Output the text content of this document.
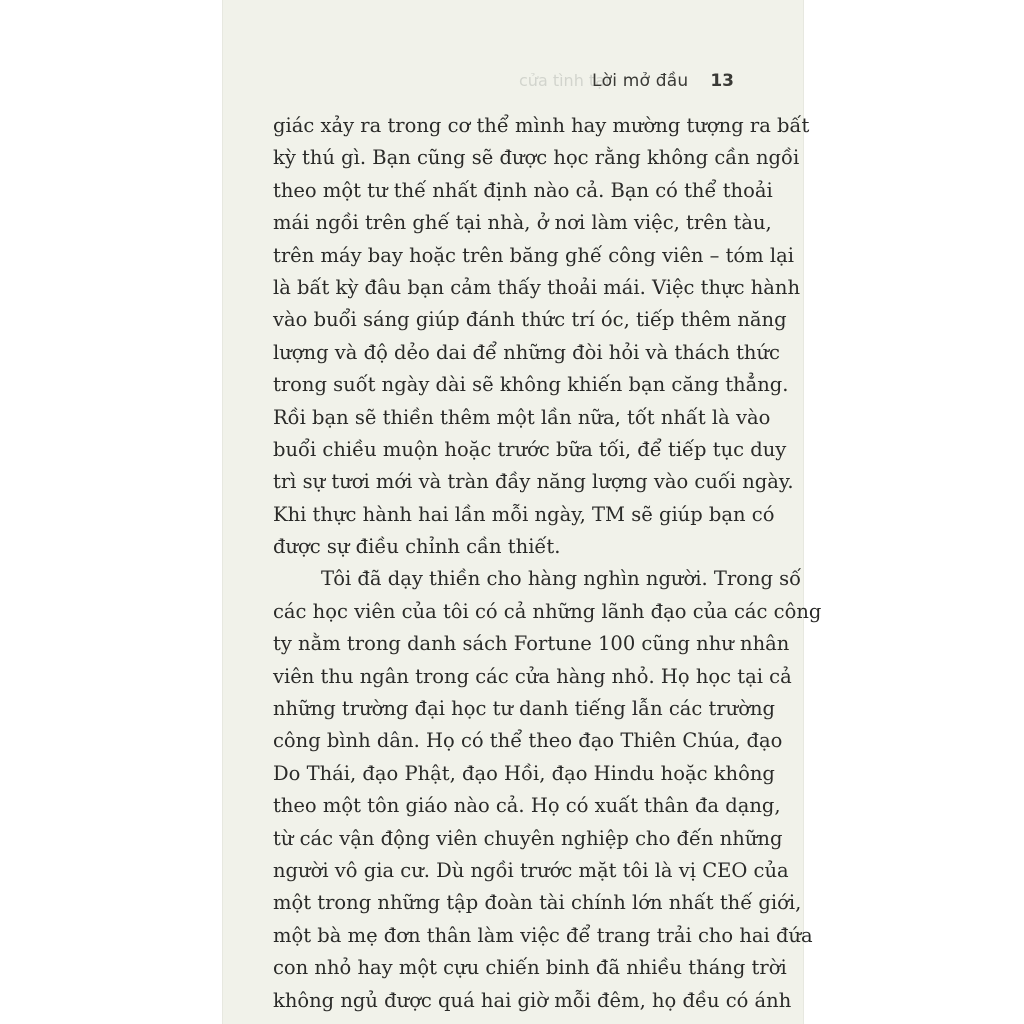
cửa tình tại
Lời mở đầu 13
giác xảy ra trong cơ thể mình hay mường tượng ra bất
kỳ thú gì. Bạn cũng sẽ được học rằng không cần ngồi
theo một tư thế nhất định nào cả. Bạn có thể thoải
mái ngồi trên ghế tại nhà, ở nơi làm việc, trên tàu,
trên máy bay hoặc trên băng ghế công viên – tóm lại
là bất kỳ đâu bạn cảm thấy thoải mái. Việc thực hành
vào buổi sáng giúp đánh thức trí óc, tiếp thêm năng
lượng và độ dẻo dai để những đòi hỏi và thách thức
trong suốt ngày dài sẽ không khiến bạn căng thẳng.
Rồi bạn sẽ thiền thêm một lần nữa, tốt nhất là vào
buổi chiều muộn hoặc trước bữa tối, để tiếp tục duy
trì sự tươi mới và tràn đầy năng lượng vào cuối ngày.
Khi thực hành hai lần mỗi ngày, TM sẽ giúp bạn có
được sự điều chỉnh cần thiết.
Tôi đã dạy thiền cho hàng nghìn người. Trong số
các học viên của tôi có cả những lãnh đạo của các công
ty nằm trong danh sách Fortune 100 cũng như nhân
viên thu ngân trong các cửa hàng nhỏ. Họ học tại cả
những trường đại học tư danh tiếng lẫn các trường
công bình dân. Họ có thể theo đạo Thiên Chúa, đạo
Do Thái, đạo Phật, đạo Hồi, đạo Hindu hoặc không
theo một tôn giáo nào cả. Họ có xuất thân đa dạng,
từ các vận động viên chuyên nghiệp cho đến những
người vô gia cư. Dù ngồi trước mặt tôi là vị CEO của
một trong những tập đoàn tài chính lớn nhất thế giới,
một bà mẹ đơn thân làm việc để trang trải cho hai đứa
con nhỏ hay một cựu chiến binh đã nhiều tháng trời
không ngủ được quá hai giờ mỗi đêm, họ đều có ánh
